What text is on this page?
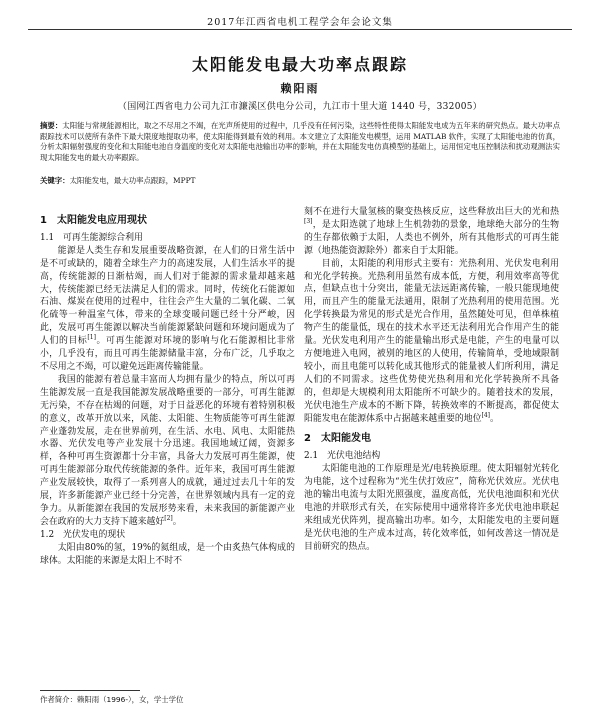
2017年江西省电机工程学会年会论文集
太阳能发电最大功率点跟踪
赖阳雨
（国网江西省电力公司九江市濂溪区供电分公司，九江市十里大道 1440 号，332005）
摘要：太阳能与常规能源相比，取之不尽用之不竭，在光声所使用的过程中，几乎没有任何污染，这些特性使得太阳能发电成为五年来的研究热点。最大功率点跟踪技术可以使所有条件下最大限度地提取功率，使太阳能得到最有效的利用。本文建立了太阳能发电模型，运用 MATLAB 软件，实现了太阳能电池的仿真，分析太阳辐射强度的变化和太阳能电池自身温度的变化对太阳能电池输出功率的影响，并在太阳能发电仿真模型的基础上，运用恒定电压控制法和扰动观测法实现太阳能发电的最大功率跟踪。
关键字：太阳能发电，最大功率点跟踪，MPPT
1　太阳能发电应用现状
1.1　可再生能源综合利用

能源是人类生存和发展重要战略资源，在人们的日常生活中是不可或缺的，随着全球生产力的高速发展，人们生活水平的提高，传统能源的日渐枯竭，而人们对于能源的需求量却越来越大，传统能源已经无法满足人们的需求。同时，传统化石能源如石油、煤炭在使用的过程中，往往会产生大量的二氧化碳、二氧化硫等一种温室气体，带来的全球变暖问题已经十分严峻，因此，发展可再生能源以解决当前能源紧缺问题和环境问题成为了人们的目标[1]。可再生能源对环境的影响与化石能源相比非常小，几乎没有，而且可再生能源储量丰富，分布广泛，几乎取之不尽用之不竭，可以避免远距离传输能量。

我国的能源有着总量丰富而人均拥有量少的特点，所以可再生能源发展一直是我国能源发展战略重要的一部分，可再生能源无污染，不存在枯竭的问题，对于日益恶化的环境有着特别积极的意义，改革开放以来，风能、太阳能、生物质能等可再生能源产业蓬勃发展，走在世界前列，在生活、水电、风电、太阳能热水器、光伏发电等产业发展十分迅速。我国地域辽阔，资源多样，各种可再生资源都十分丰富，具备大力发展可再生能源，使可再生能源部分取代传统能源的条件。近年来，我国可再生能源产业发展较快，取得了一系列喜人的成就，通过过去几十年的发展，许多新能源产业已经十分完善，在世界领域内具有一定的竞争力。从新能源在我国的发展形势来看，未来我国的新能源产业会在政府的大力支持下越来越好[2]。

1.2　光伏发电的现状

太阳由80%的氢，19%的氦组成，是一个由炙热气体构成的球体。太阳能的来源是太阳上不时不

刻不在进行大量氢核的聚变热核反应，这些释放出巨大的光和热[3]，是太阳选就了地球上生机勃勃的景象，地球绝大部分的生物的生存都依赖于太阳，人类也不例外，所有其他形式的可再生能源（地热能资源除外）都来自于太阳能。

目前，太阳能的利用形式主要有：光热利用、光伏发电利用和光化学转换。光热利用虽然有成本低，方便，利用效率高等优点，但缺点也十分突出，能量无法远距离传输，一般只能现地使用，而且产生的能量无法通用，限制了光热利用的使用范围。光化学转换最为常见的形式是光合作用，虽然随处可见，但单株植物产生的能量低，现在的技术水平还无法利用光合作用产生的能量。光伏发电利用产生的能量输出形式是电能，产生的电量可以方便地进入电网，被别的地区的人使用，传输简单，受地域限制较小，而且电能可以转化成其他形式的能量被人们所利用，满足人们的不同需求。这些优势使光热利用和光化学转换所不具备的，但却是大规模利用太阳能所不可缺少的。随着技术的发展，光伏电池生产成本的不断下降，转换效率的不断提高，都促使太阳能发电在能源体系中占据越来越重要的地位[4]。

2　太阳能发电
2.1　光伏电池结构

太阳能电池的工作原理是光/电转换原理。使太阳辐射光转化为电能，这个过程称为“光生伏打效应”，简称光伏效应。光伏电池的输出电流与太阳光照强度，温度高低，光伏电池面积和光伏电池的并联形式有关，在实际使用中通常将许多光伏电池串联起来组成光伏阵列，提高输出功率。如今，太阳能发电的主要问题是光伏电池的生产成本过高，转化效率低，如何改善这一情况是目前研究的热点。

作者简介：赖阳雨（1996-），女，学士学位
